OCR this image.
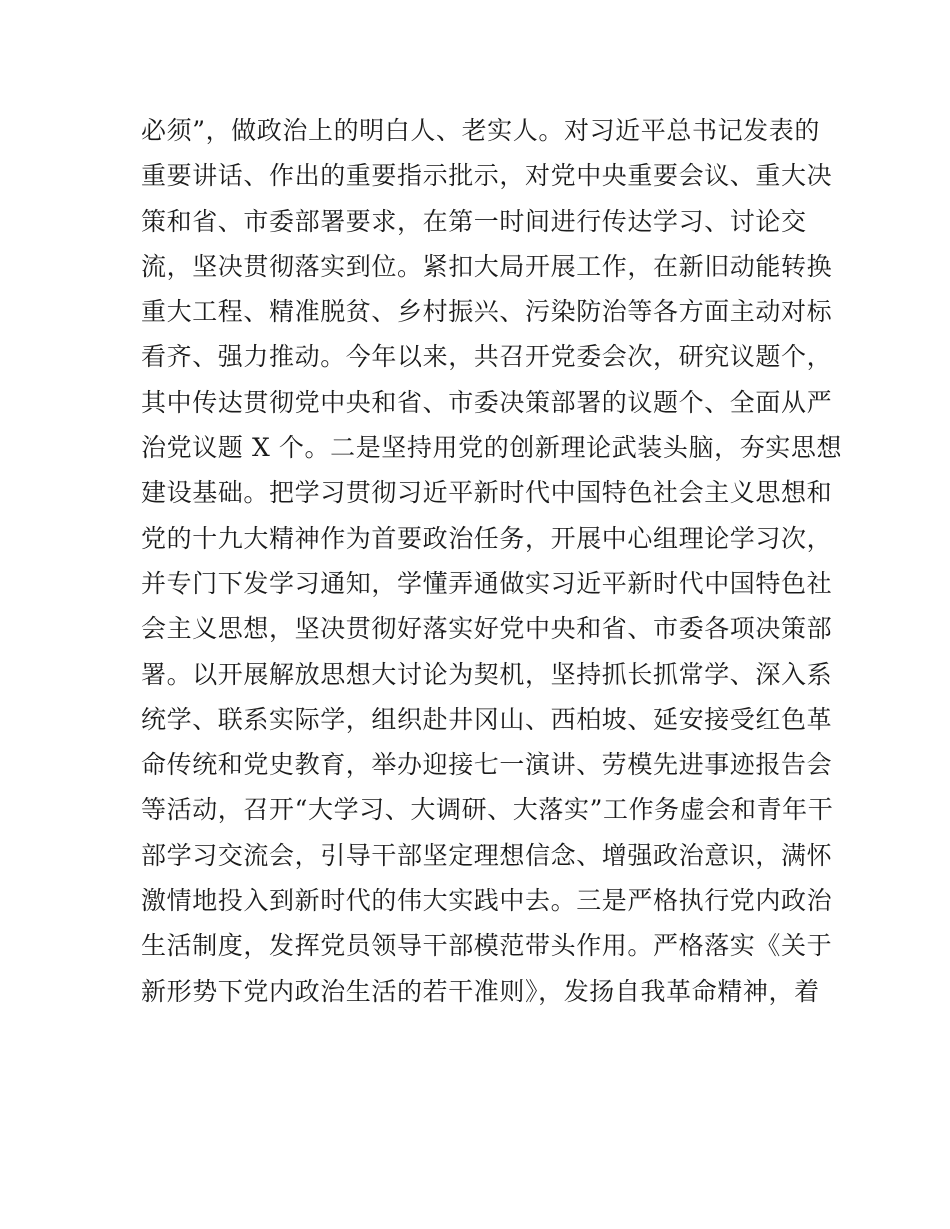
必须”，做政治上的明白人、老实人。对习近平总书记发表的
重要讲话、作出的重要指示批示，对党中央重要会议、重大决
策和省、市委部署要求，在第一时间进行传达学习、讨论交
流，坚决贯彻落实到位。紧扣大局开展工作，在新旧动能转换
重大工程、精准脱贫、乡村振兴、污染防治等各方面主动对标
看齐、强力推动。今年以来，共召开党委会次，研究议题个，
其中传达贯彻党中央和省、市委决策部署的议题个、全面从严
治党议题 X 个。二是坚持用党的创新理论武装头脑，夯实思想
建设基础。把学习贯彻习近平新时代中国特色社会主义思想和
党的十九大精神作为首要政治任务，开展中心组理论学习次，
并专门下发学习通知，学懂弄通做实习近平新时代中国特色社
会主义思想，坚决贯彻好落实好党中央和省、市委各项决策部
署。以开展解放思想大讨论为契机，坚持抓长抓常学、深入系
统学、联系实际学，组织赴井冈山、西柏坡、延安接受红色革
命传统和党史教育，举办迎接七一演讲、劳模先进事迹报告会
等活动，召开“大学习、大调研、大落实”工作务虚会和青年干
部学习交流会，引导干部坚定理想信念、增强政治意识，满怀
激情地投入到新时代的伟大实践中去。三是严格执行党内政治
生活制度，发挥党员领导干部模范带头作用。严格落实《关于
新形势下党内政治生活的若干准则》，发扬自我革命精神，着
